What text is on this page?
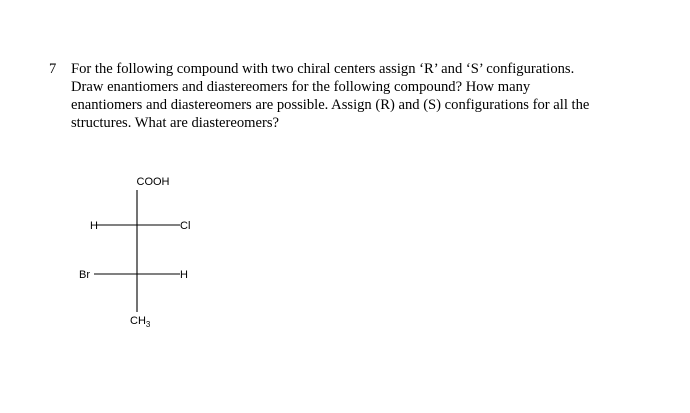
7 For the following compound with two chiral centers assign ‘R’ and ‘S’ configurations.
Draw enantiomers and diastereomers for the following compound? How many
enantiomers and diastereomers are possible. Assign (R) and (S) configurations for all the
structures. What are diastereomers?
COOH
H	Cl
Br	H
$CH_3$
